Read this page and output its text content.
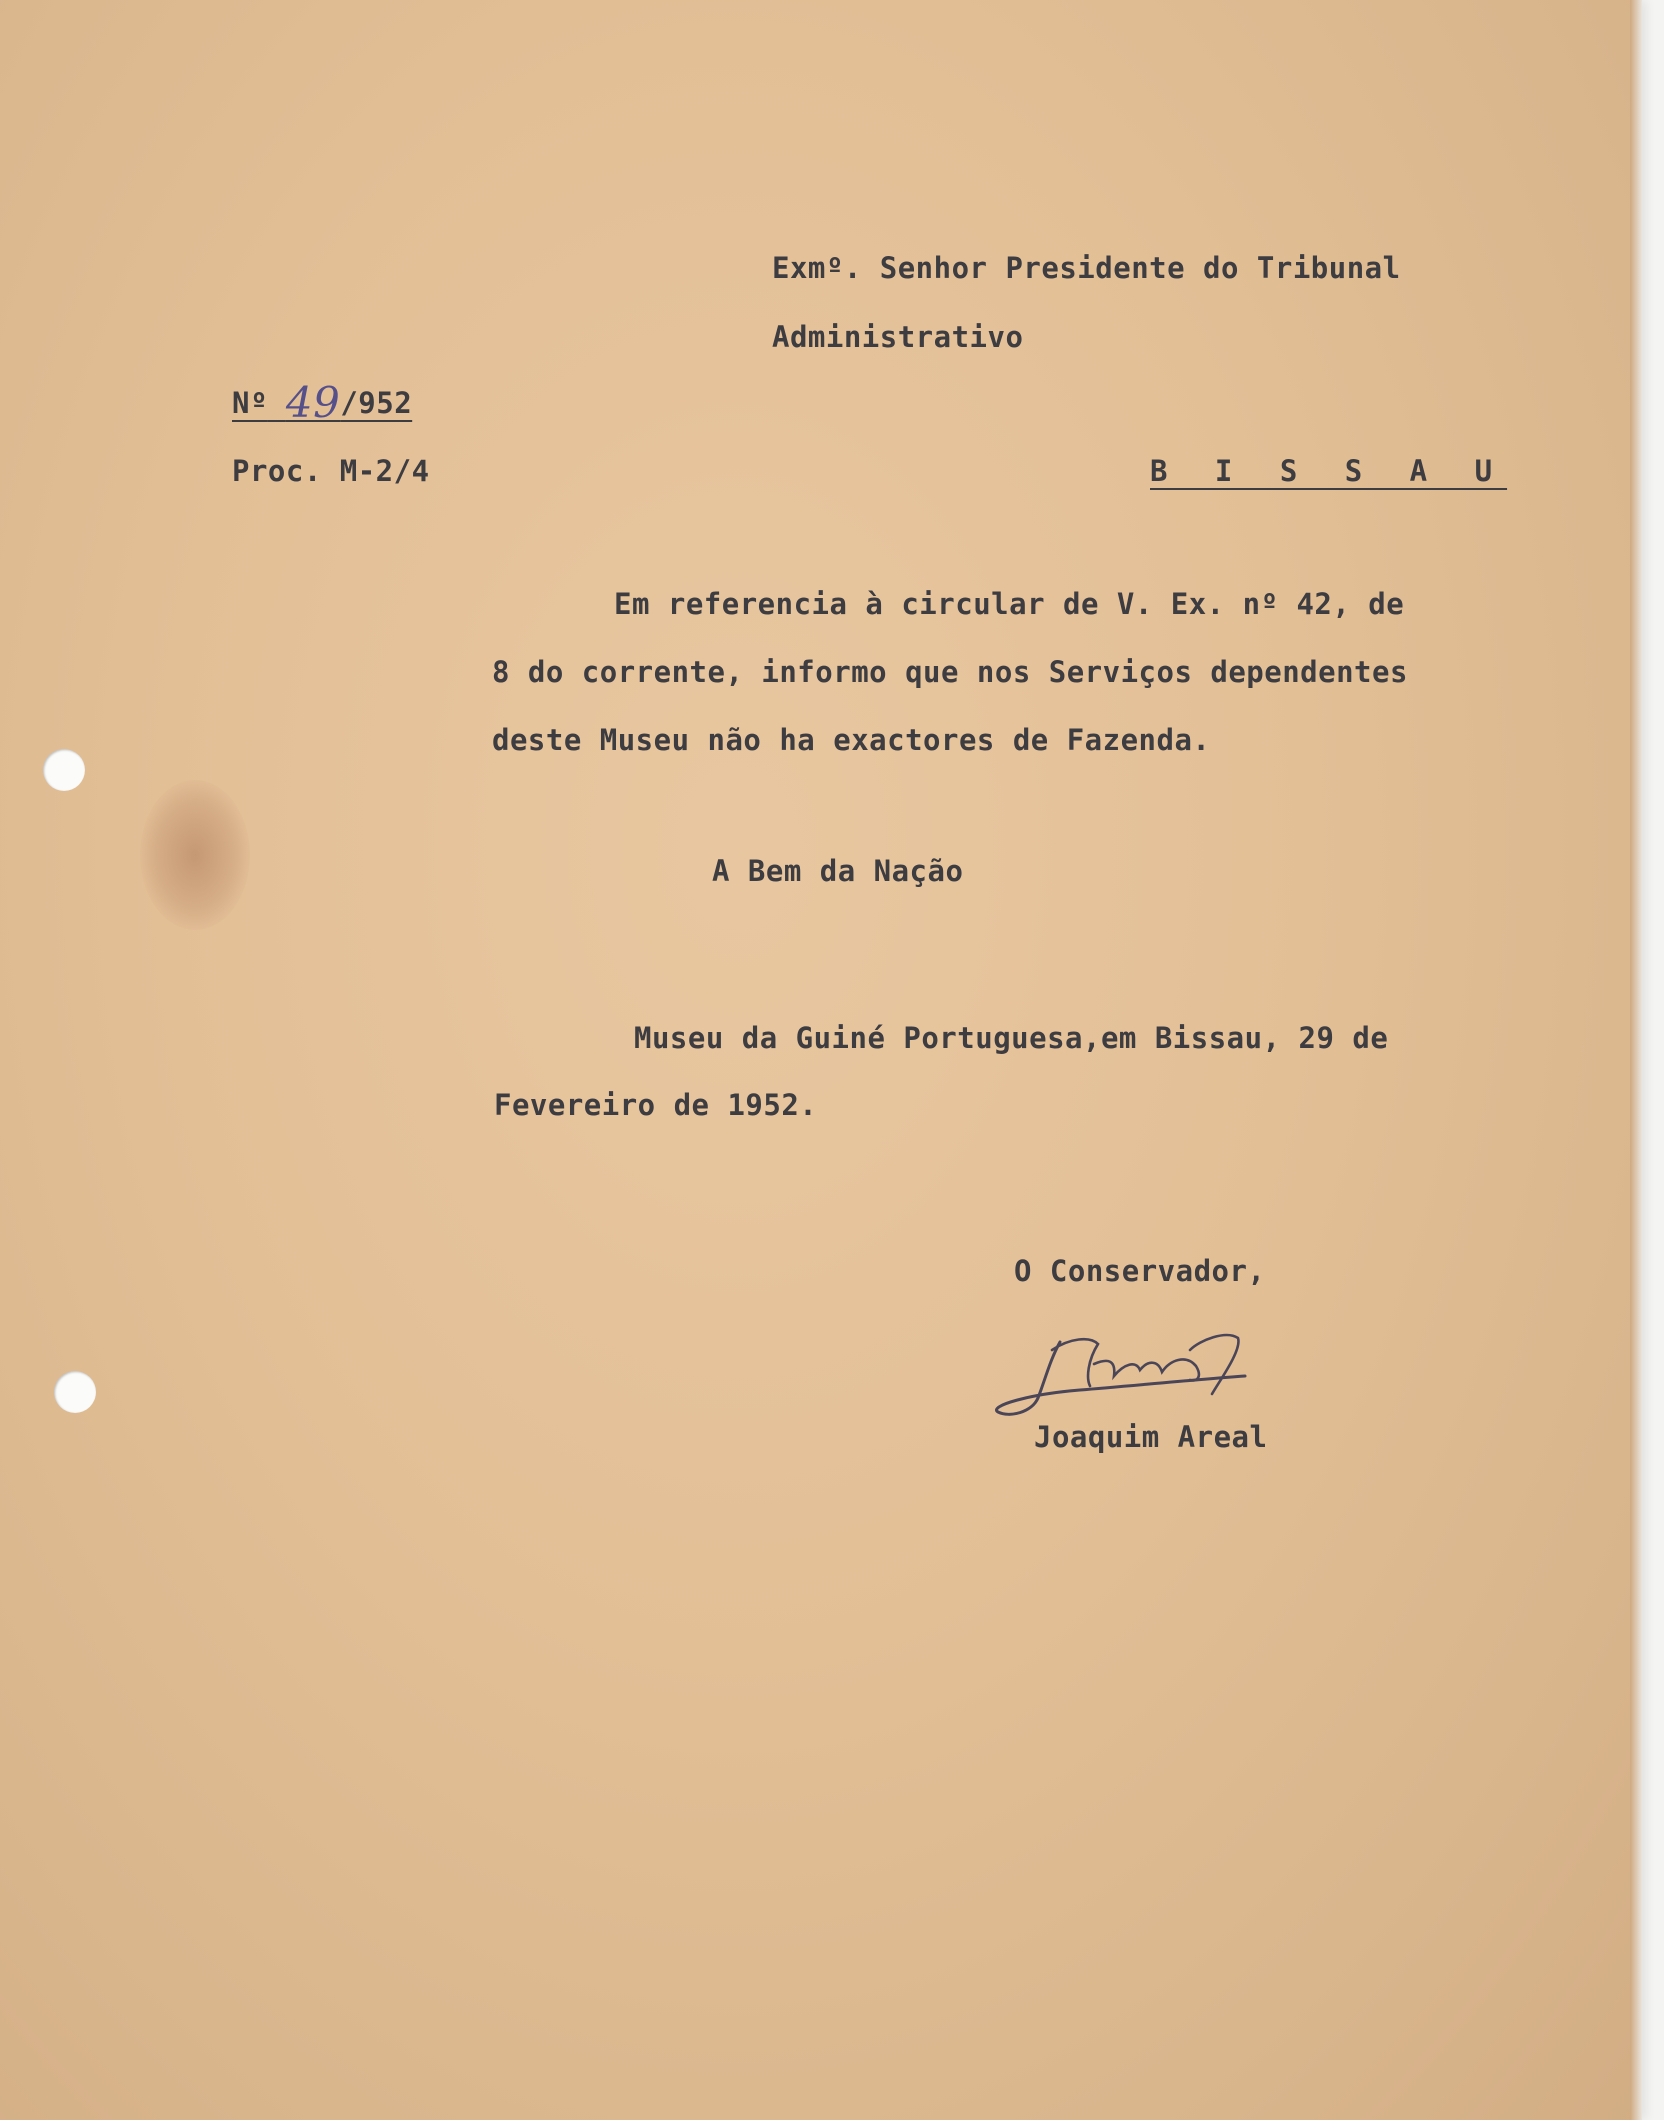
Exmº. Senhor Presidente do Tribunal
Administrativo
Nº 49/952
Proc. M-2/4	B I S S A U
Em referencia à circular de V. Ex. nº 42, de
8 do corrente, informo que nos Serviços dependentes
deste Museu não ha exactores de Fazenda.
A Bem da Nação
Museu da Guiné Portuguesa,em Bissau, 29 de
Fevereiro de 1952.
O Conservador,
Joaquim Areal
